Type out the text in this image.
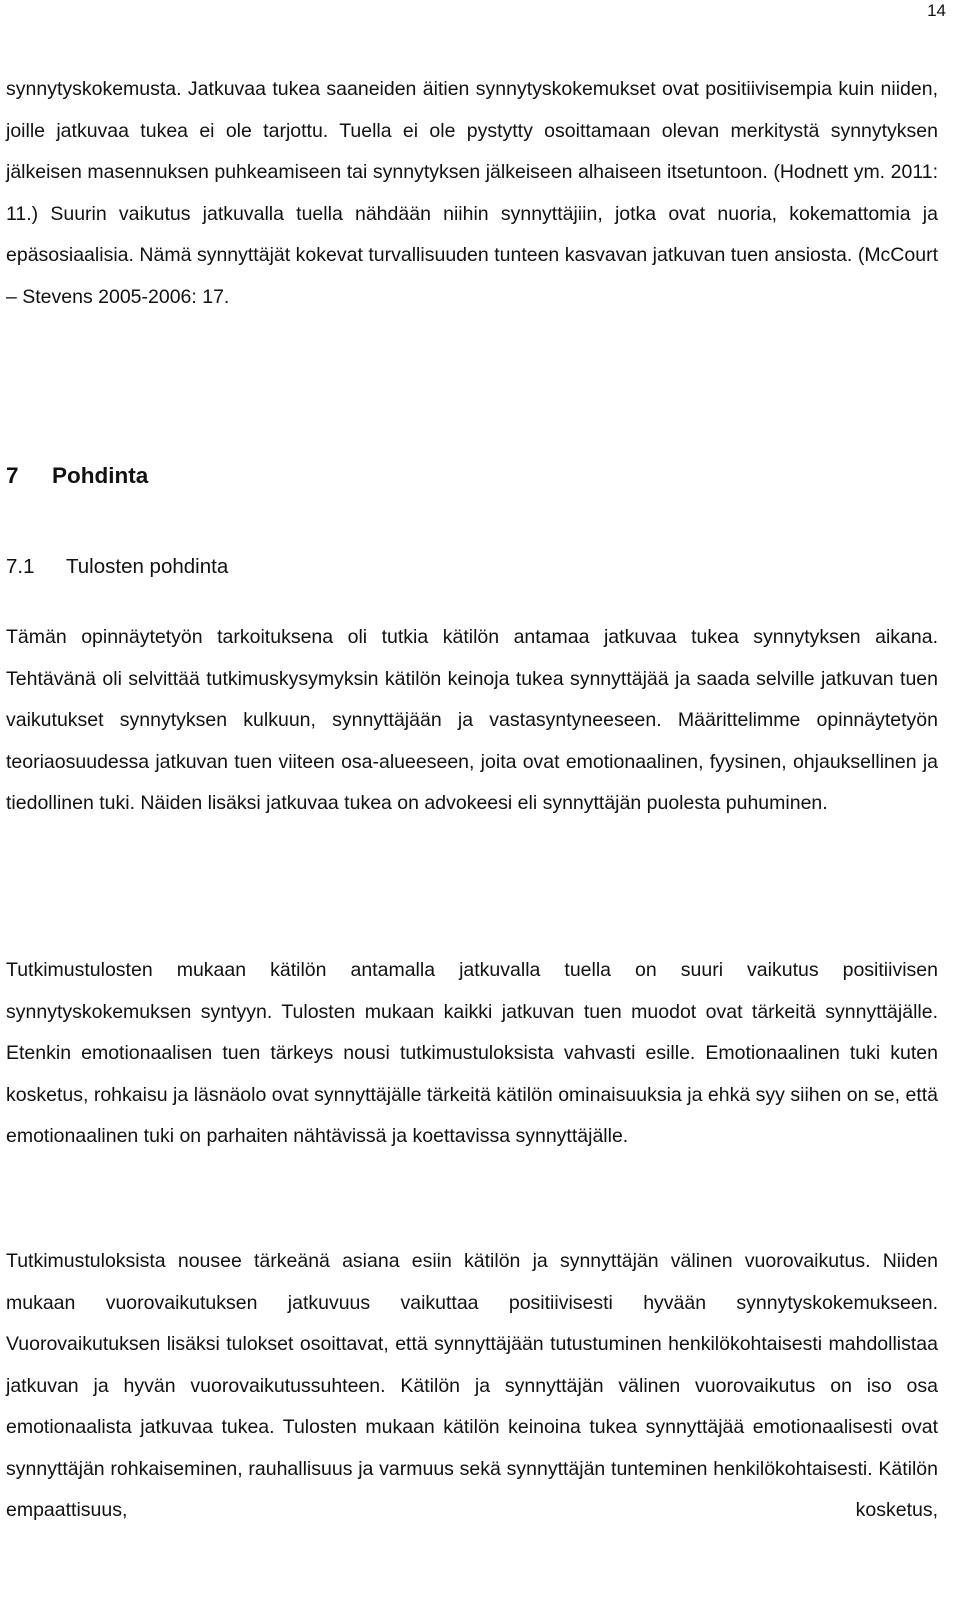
14

synnytyskokemusta. Jatkuvaa tukea saaneiden äitien synnytyskokemukset ovat positiivisempia kuin niiden, joille jatkuvaa tukea ei ole tarjottu. Tuella ei ole pystytty osoittamaan olevan merkitystä synnytyksen jälkeisen masennuksen puhkeamiseen tai synnytyksen jälkeiseen alhaiseen itsetuntoon. (Hodnett ym. 2011: 11.) Suurin vaikutus jatkuvalla tuella nähdään niihin synnyttäjiin, jotka ovat nuoria, kokemattomia ja epäsosiaalisia. Nämä synnyttäjät kokevat turvallisuuden tunteen kasvavan jatkuvan tuen ansiosta. (McCourt – Stevens 2005-2006: 17.

7 Pohdinta
7.1 Tulosten pohdinta

Tämän opinnäytetyön tarkoituksena oli tutkia kätilön antamaa jatkuvaa tukea synnytyksen aikana. Tehtävänä oli selvittää tutkimuskysymyksin kätilön keinoja tukea synnyttäjää ja saada selville jatkuvan tuen vaikutukset synnytyksen kulkuun, synnyttäjään ja vastasyntyneeseen. Määrittelimme opinnäytetyön teoriaosuudessa jatkuvan tuen viiteen osa-alueeseen, joita ovat emotionaalinen, fyysinen, ohjauksellinen ja tiedollinen tuki. Näiden lisäksi jatkuvaa tukea on advokeesi eli synnyttäjän puolesta puhuminen.

Tutkimustulosten mukaan kätilön antamalla jatkuvalla tuella on suuri vaikutus positiivisen synnytyskokemuksen syntyyn. Tulosten mukaan kaikki jatkuvan tuen muodot ovat tärkeitä synnyttäjälle. Etenkin emotionaalisen tuen tärkeys nousi tutkimustuloksista vahvasti esille. Emotionaalinen tuki kuten kosketus, rohkaisu ja läsnäolo ovat synnyttäjälle tärkeitä kätilön ominaisuuksia ja ehkä syy siihen on se, että emotionaalinen tuki on parhaiten nähtävissä ja koettavissa synnyttäjälle.

Tutkimustuloksista nousee tärkeänä asiana esiin kätilön ja synnyttäjän välinen vuorovaikutus. Niiden mukaan vuorovaikutuksen jatkuvuus vaikuttaa positiivisesti hyvään synnytyskokemukseen. Vuorovaikutuksen lisäksi tulokset osoittavat, että synnyttäjään tutustuminen henkilökohtaisesti mahdollistaa jatkuvan ja hyvän vuorovaikutussuhteen. Kätilön ja synnyttäjän välinen vuorovaikutus on iso osa emotionaalista jatkuvaa tukea. Tulosten mukaan kätilön keinoina tukea synnyttäjää emotionaalisesti ovat synnyttäjän rohkaiseminen, rauhallisuus ja varmuus sekä synnyttäjän tunteminen henkilökohtaisesti. Kätilön empaattisuus, kosketus,
